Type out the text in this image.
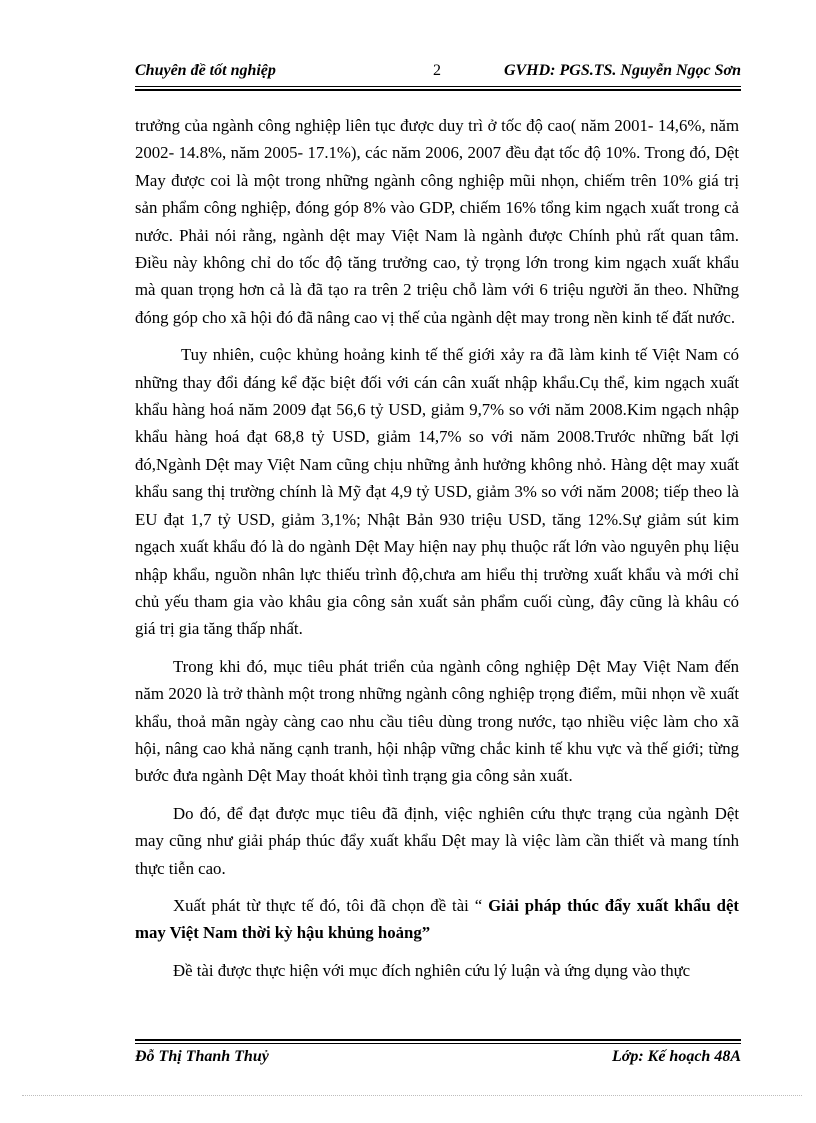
Chuyên đề tốt nghiệp	2	GVHD: PGS.TS. Nguyễn Ngọc Sơn

trưởng của ngành công nghiệp liên tục được duy trì ở tốc độ cao( năm 2001- 14,6%, năm 2002- 14.8%, năm 2005- 17.1%), các năm 2006, 2007 đều đạt tốc độ 10%. Trong đó, Dệt May được coi là một trong những ngành công nghiệp mũi nhọn, chiếm trên 10% giá trị sản phẩm công nghiệp, đóng góp 8% vào GDP, chiếm 16% tổng kim ngạch xuất trong cả nước. Phải nói rằng, ngành dệt may Việt Nam là ngành được Chính phủ rất quan tâm. Điều này không chỉ do tốc độ tăng trưởng cao, tỷ trọng lớn trong kim ngạch xuất khẩu mà quan trọng hơn cả là đã tạo ra trên 2 triệu chỗ làm với 6 triệu người ăn theo. Những đóng góp cho xã hội đó đã nâng cao vị thế của ngành dệt may trong nền kinh tế đất nước.

Tuy nhiên, cuộc khủng hoảng kinh tế thế giới xảy ra đã làm kinh tế Việt Nam có những thay đổi đáng kể đặc biệt đối với cán cân xuất nhập khẩu.Cụ thể, kim ngạch xuất khẩu hàng hoá năm 2009 đạt 56,6 tỷ USD, giảm 9,7% so với năm 2008.Kim ngạch nhập khẩu hàng hoá đạt 68,8 tỷ USD, giảm 14,7% so với năm 2008.Trước những bất lợi đó,Ngành Dệt may Việt Nam cũng chịu những ảnh hưởng không nhỏ. Hàng dệt may xuất khẩu sang thị trường chính là Mỹ đạt 4,9 tỷ USD, giảm 3% so với năm 2008; tiếp theo là EU đạt 1,7 tỷ USD, giảm 3,1%; Nhật Bản 930 triệu USD, tăng 12%.Sự giảm sút kim ngạch xuất khẩu đó là do ngành Dệt May hiện nay phụ thuộc rất lớn vào nguyên phụ liệu nhập khẩu, nguồn nhân lực thiếu trình độ,chưa am hiểu thị trường xuất khẩu và mới chỉ chủ yếu tham gia vào khâu gia công sản xuất sản phẩm cuối cùng, đây cũng là khâu có giá trị gia tăng thấp nhất.

Trong khi đó, mục tiêu phát triển của ngành công nghiệp Dệt May Việt Nam đến năm 2020 là trở thành một trong những ngành công nghiệp trọng điểm, mũi nhọn về xuất khẩu, thoả mãn ngày càng cao nhu cầu tiêu dùng trong nước, tạo nhiều việc làm cho xã hội, nâng cao khả năng cạnh tranh, hội nhập vững chắc kinh tế khu vực và thế giới; từng bước đưa ngành Dệt May thoát khỏi tình trạng gia công sản xuất.

Do đó, để đạt được mục tiêu đã định, việc nghiên cứu thực trạng của ngành Dệt may cũng như giải pháp thúc đẩy xuất khẩu Dệt may là việc làm cần thiết và mang tính thực tiễn cao.

Xuất phát từ thực tế đó, tôi đã chọn đề tài “ Giải pháp thúc đẩy xuất khẩu dệt may Việt Nam thời kỳ hậu khủng hoảng”

Đề tài được thực hiện với mục đích nghiên cứu lý luận và ứng dụng vào thực

Đỗ Thị Thanh Thuỷ	Lớp: Kế hoạch 48A
